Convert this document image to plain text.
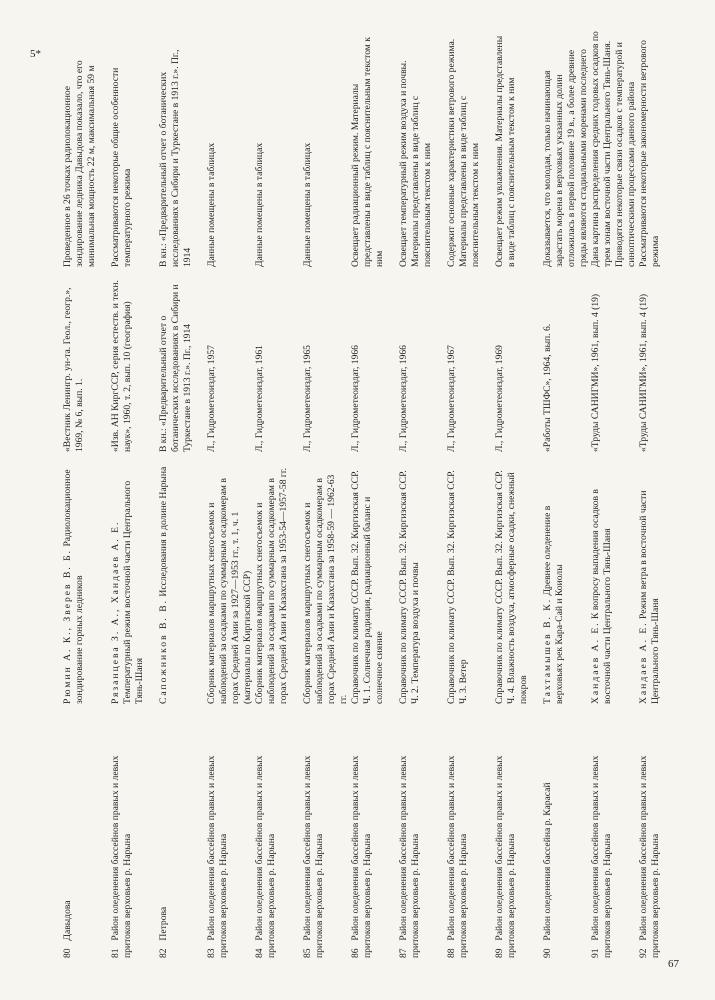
80 Давыдова
Рюмин А. К., Зверев В. Б. Радиолокационное зондирование горных ледников
«Вестник Ленингр. ун-та. Геол., геогр.», 1969, № 6, вып. 1.
Проведенное в 26 точках радиолокационное зондирование ледника Давыдова показало, что его минимальная мощность 22 м, максимальная 59 м
81 Район оледенения бассейнов правых и левых притоков верховьев р. Нарына
Рязанцева З. А., Хандаев А. Е. Температурный режим восточной части Центрального Тянь-Шаня
«Изв. АН КиргССР, серия естеств. и техн. наук», 1960, т. 2, вып. 10 (география)
Рассматриваются некоторые общие особенности температурного режима
82 Петрова
Сапожников В. В. Исследования в долине Нарына
В кн.: «Предварительный отчет о ботанических исследованиях в Сибири и Туркестане в 1913 г.». Пг., 1914
В кн.: «Предварительный отчет о ботанических исследованиях в Сибири и Туркестане в 1913 г.». Пг., 1914
83 Район оледенения бассейнов правых и левых притоков верховьев р. Нарына
Сборник материалов маршрутных снегосъемок и наблюдений за осадками по суммарным осадкомерам в горах Средней Азии за 1927—1953 гг., т. 1, ч. 1 (материалы по Киргизской ССР)
Л., Гидрометеоиздат, 1957
Данные помещены в таблицах
84 Район оледенения бассейнов правых и левых притоков верховьев р. Нарына
Сборник материалов маршрутных снегосъемок и наблюдений за осадками по суммарным осадкомерам в горах Средней Азии и Казахстана за 1953-54—1957-58 гг.
Л., Гидрометеоиздат, 1961
Данные помещены в таблицах
85 Район оледенения бассейнов правых и левых притоков верховьев р. Нарына
Сборник материалов маршрутных снегосъемок и наблюдений за осадками по суммарным осадкомерам в горах Средней Азии и Казахстана за 1958-59 — 1962-63 гг.
Л., Гидрометеоиздат, 1965
Данные помещены в таблицах
86 Район оледенения бассейнов правых и левых притоков верховьев р. Нарына
Справочник по климату СССР. Вып. 32. Киргизская ССР. Ч. 1. Солнечная радиация, радиационный баланс и солнечное сияние
Л., Гидрометеоиздат, 1966
Освещает радиационный режим. Материалы представлены в виде таблиц с пояснительным текстом к ним
87 Район оледенения бассейнов правых и левых притоков верховьев р. Нарына
Справочник по климату СССР. Вып. 32. Киргизская ССР. Ч. 2. Температура воздуха и почвы
Л., Гидрометеоиздат, 1966
Освещает температурный режим воздуха и почвы. Материалы представлены в виде таблиц с пояснительным текстом к ним
88 Район оледенения бассейнов правых и левых притоков верховьев р. Нарына
Справочник по климату СССР. Вып. 32. Киргизская ССР. Ч. 3. Ветер
Л., Гидрометеоиздат, 1967
Содержит основные характеристики ветрового режима. Материалы представлены в виде таблиц с пояснительным текстом к ним
89 Район оледенения бассейнов правых и левых притоков верховьев р. Нарына
Справочник по климату СССР. Вып. 32. Киргизская ССР. Ч. 4. Влажность воздуха, атмосферные осадки, снежный покров
Л., Гидрометеоиздат, 1969
Освещает режим увлажнения. Материалы представлены в виде таблиц с пояснительным текстом к ним
90 Район оледенения бассейна р. Карасай
Тахтамышев В. К. Древнее оледенение в верховьях рек Кара-Сай и Коиолы
«Работы ТШФС», 1964, вып. 6.
Доказывается, что молодая, только начинающая зарастать морена в верховьях указанных долин отложилась в первой половине 19 в., а более древние гряды являются стадиальными моренами последнего
91 Район оледенения бассейнов правых и левых притоков верховьев р. Нарына
Хандаев А. Е. К вопросу выпадения осадков в восточной части Центрального Тянь-Шаня
«Труды САНИГМИ», 1961, вып. 4 (19)
Дана картина распределения средних годовых осадков по трем зонам восточной части Центрального Тянь-Шаня. Приводятся некоторые связи осадков с температурой и синоптическими процессами данного района
92 Район оледенения бассейнов правых и левых притоков верховьев р. Нарына
Хандаев А. Е. Режим ветра в восточной части Центрального Тянь-Шаня
«Труды САНИГМИ», 1961, вып. 4 (19)
Рассматриваются некоторые закономерности ветрового режима
5*
67
